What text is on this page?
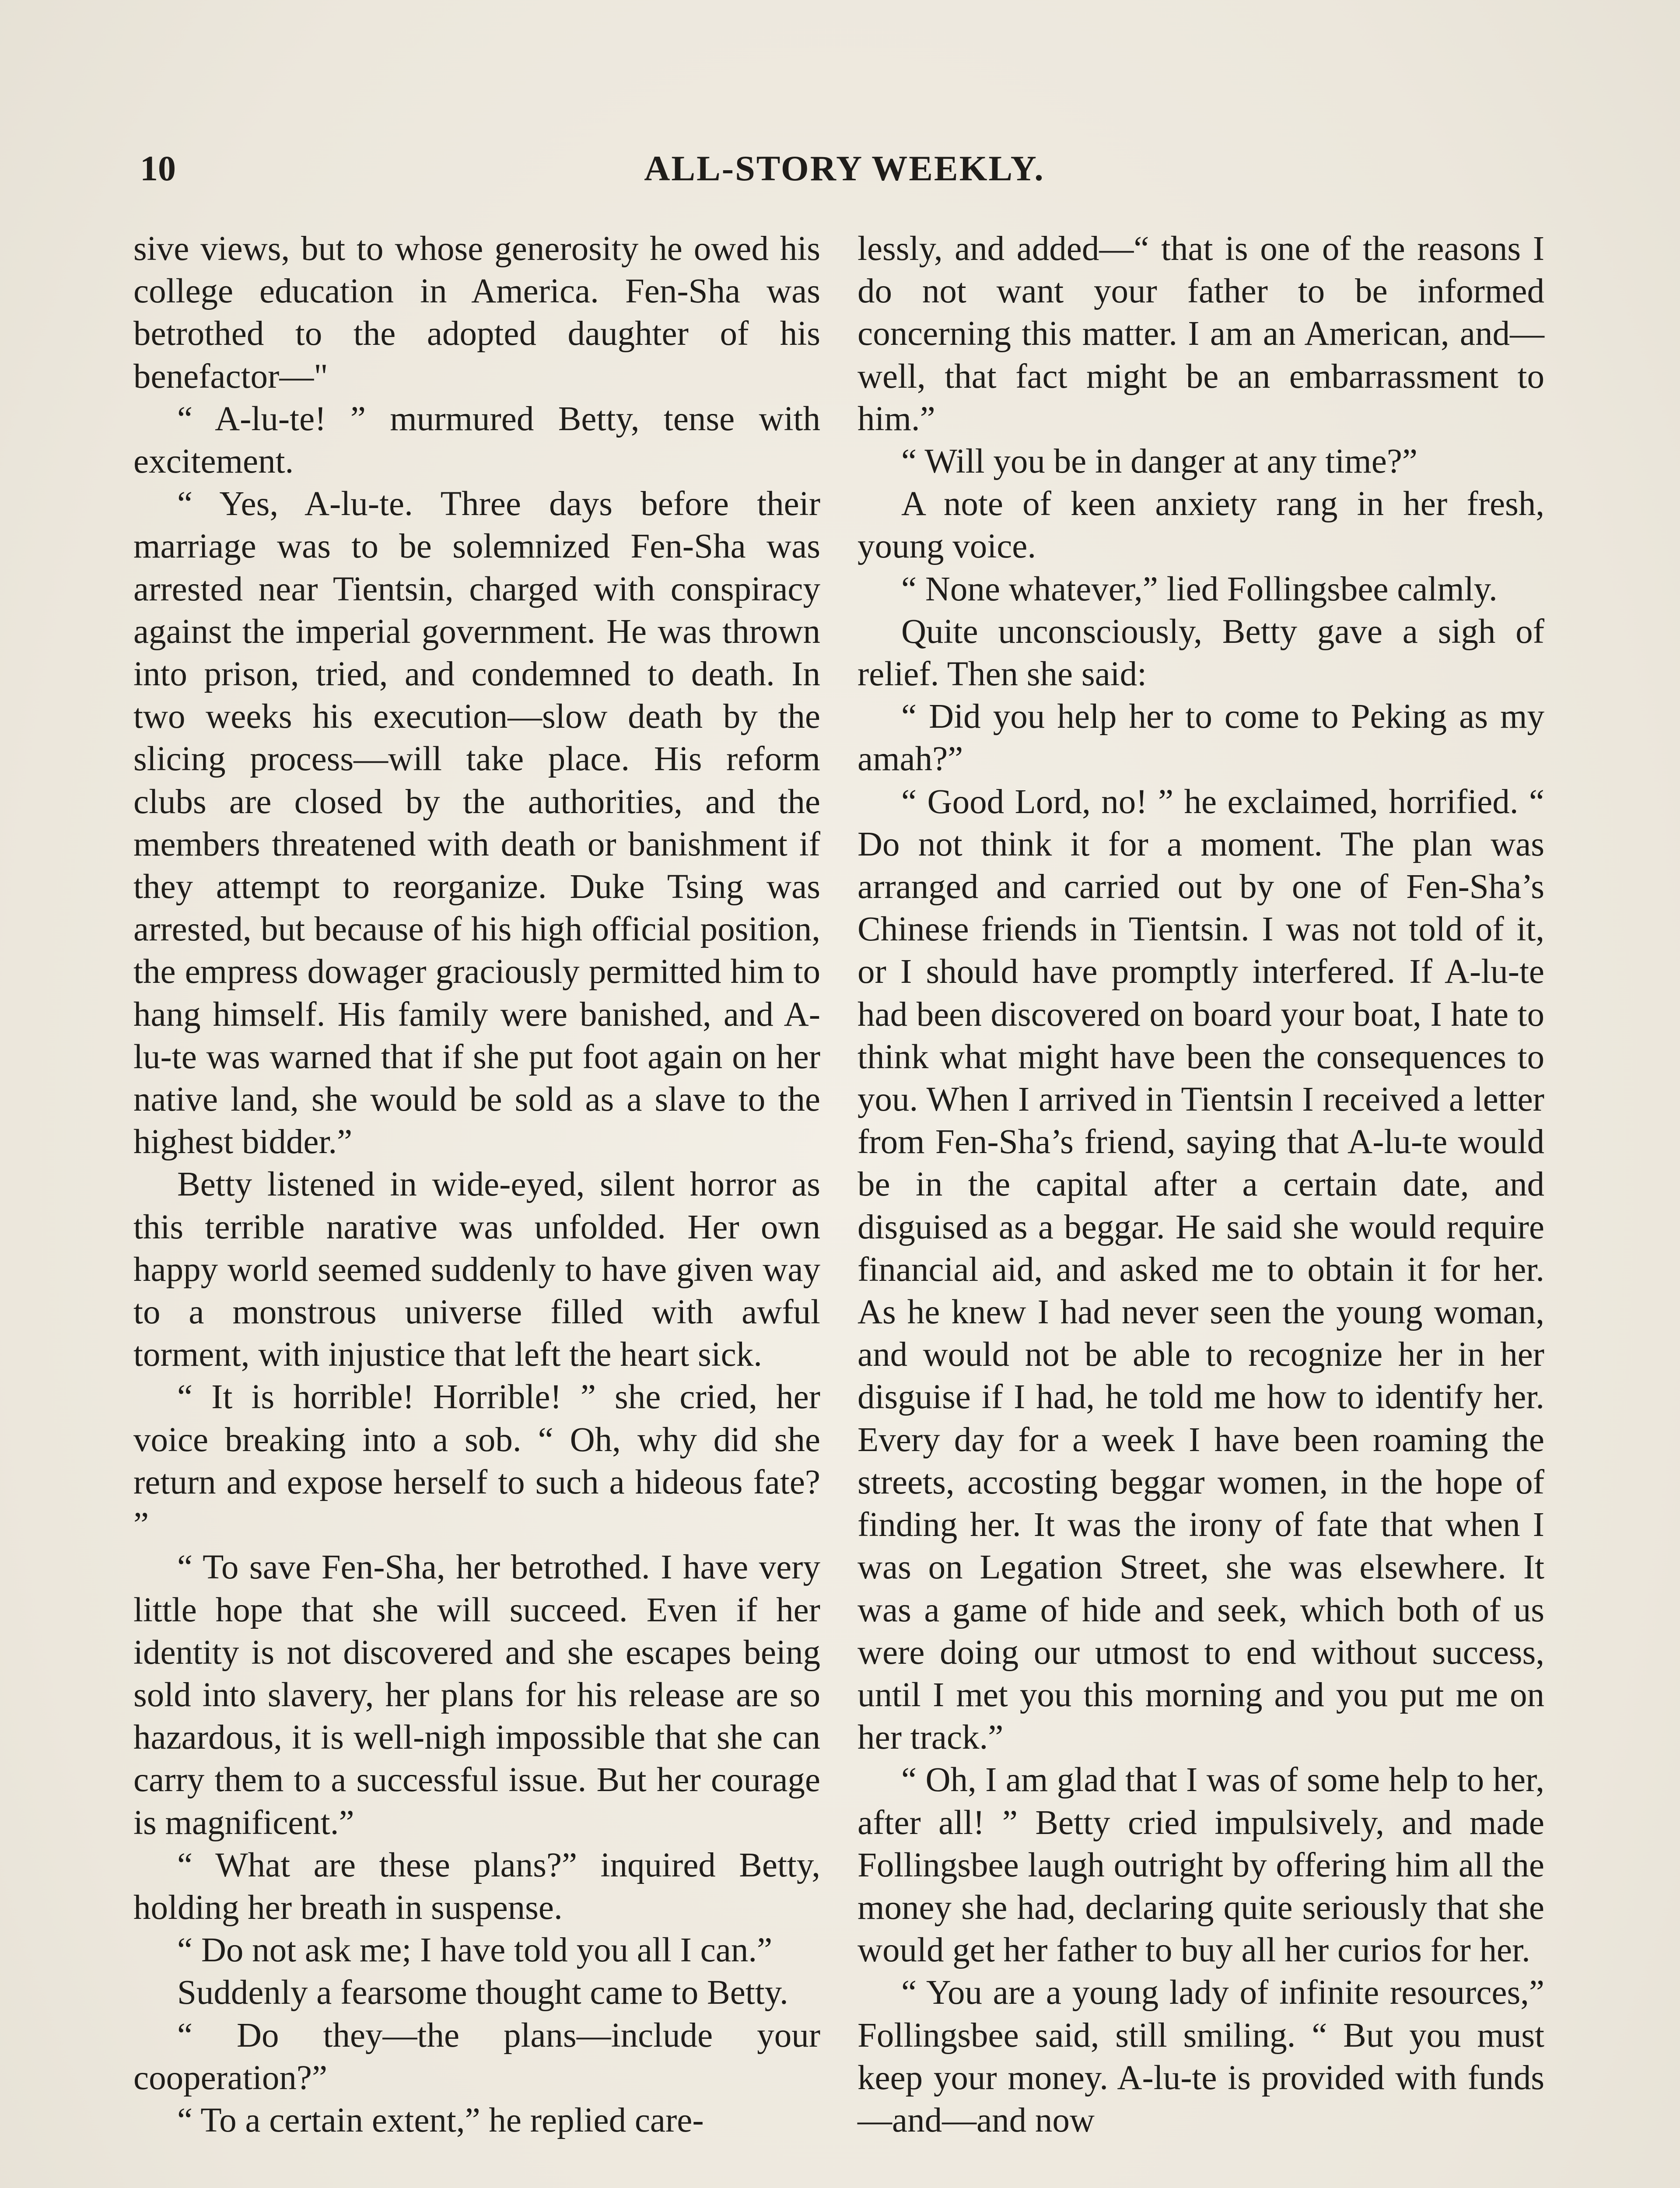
10	ALL-STORY WEEKLY.

sive views, but to whose generosity he owed his college education in America. Fen-Sha was betrothed to the adopted daughter of his benefactor—"

“ A-lu-te! ” murmured Betty, tense with excitement.

“ Yes, A-lu-te. Three days before their marriage was to be solemnized Fen-Sha was arrested near Tientsin, charged with conspiracy against the imperial government. He was thrown into prison, tried, and condemned to death. In two weeks his execution—slow death by the slicing process—will take place. His reform clubs are closed by the authorities, and the members threatened with death or banishment if they attempt to reorganize. Duke Tsing was arrested, but because of his high official position, the empress dowager graciously permitted him to hang himself. His family were banished, and A-lu-te was warned that if she put foot again on her native land, she would be sold as a slave to the highest bidder.”

Betty listened in wide-eyed, silent horror as this terrible narative was unfolded. Her own happy world seemed suddenly to have given way to a monstrous universe filled with awful torment, with injustice that left the heart sick.

“ It is horrible! Horrible! ” she cried, her voice breaking into a sob. “ Oh, why did she return and expose herself to such a hideous fate? ”

“ To save Fen-Sha, her betrothed. I have very little hope that she will succeed. Even if her identity is not discovered and she escapes being sold into slavery, her plans for his release are so hazardous, it is well-nigh impossible that she can carry them to a successful issue. But her courage is magnificent.”

“ What are these plans?” inquired Betty, holding her breath in suspense.

“ Do not ask me; I have told you all I can.”

Suddenly a fearsome thought came to Betty.

“ Do they—the plans—include your cooperation?”

“ To a certain extent,” he replied care-

lessly, and added—“ that is one of the reasons I do not want your father to be informed concerning this matter. I am an American, and—well, that fact might be an embarrassment to him.”

“ Will you be in danger at any time?”

A note of keen anxiety rang in her fresh, young voice.

“ None whatever,” lied Follingsbee calmly.

Quite unconsciously, Betty gave a sigh of relief. Then she said:

“ Did you help her to come to Peking as my amah?”

“ Good Lord, no! ” he exclaimed, horrified. “ Do not think it for a moment. The plan was arranged and carried out by one of Fen-Sha’s Chinese friends in Tientsin. I was not told of it, or I should have promptly interfered. If A-lu-te had been discovered on board your boat, I hate to think what might have been the consequences to you. When I arrived in Tientsin I received a letter from Fen-Sha’s friend, saying that A-lu-te would be in the capital after a certain date, and disguised as a beggar. He said she would require financial aid, and asked me to obtain it for her. As he knew I had never seen the young woman, and would not be able to recognize her in her disguise if I had, he told me how to identify her. Every day for a week I have been roaming the streets, accosting beggar women, in the hope of finding her. It was the irony of fate that when I was on Legation Street, she was elsewhere. It was a game of hide and seek, which both of us were doing our utmost to end without success, until I met you this morning and you put me on her track.”

“ Oh, I am glad that I was of some help to her, after all! ” Betty cried impulsively, and made Follingsbee laugh outright by offering him all the money she had, declaring quite seriously that she would get her father to buy all her curios for her.

“ You are a young lady of infinite resources,” Follingsbee said, still smiling. “ But you must keep your money. A-lu-te is provided with funds—and—and now
